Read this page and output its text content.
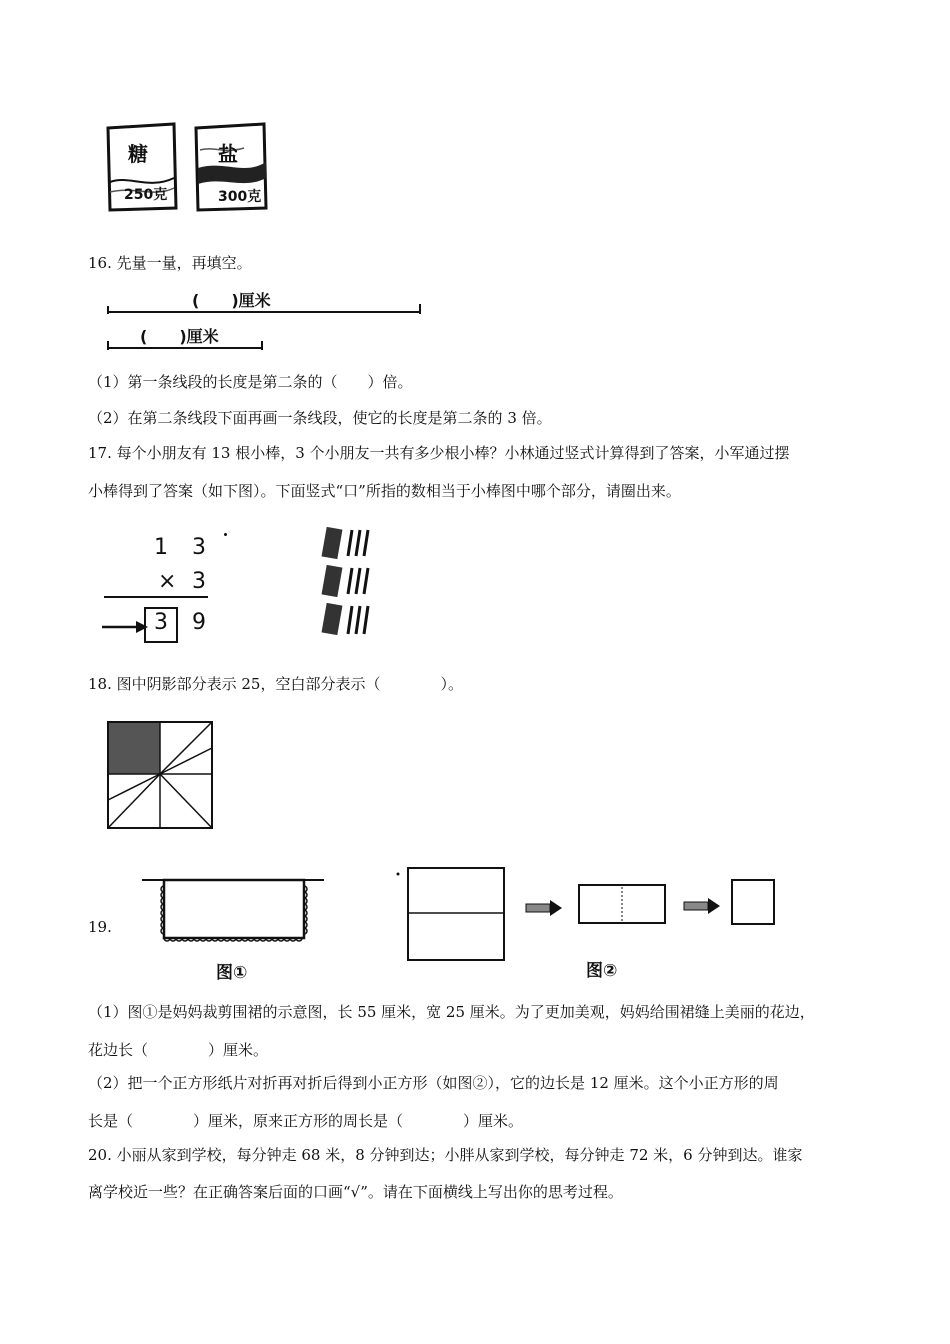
糖
250克
盐
300克
16. 先量一量，再填空。
(　　)厘米
(　　)厘米
（1）第一条线段的长度是第二条的（　　）倍。
（2）在第二条线段下面再画一条线段，使它的长度是第二条的 3 倍。
17. 每个小朋友有 13 根小棒，3 个小朋友一共有多少根小棒？小林通过竖式计算得到了答案，小军通过摆
小棒得到了答案（如下图）。下面竖式“口”所指的数相当于小棒图中哪个部分，请圈出来。
1 3
× 3
3 9
18. 图中阴影部分表示 25，空白部分表示（　　　　）。
19.
图①	图②
（1）图①是妈妈裁剪围裙的示意图，长 55 厘米，宽 25 厘米。为了更加美观，妈妈给围裙缝上美丽的花边，
花边长（　　　　）厘米。
（2）把一个正方形纸片对折再对折后得到小正方形（如图②），它的边长是 12 厘米。这个小正方形的周
长是（　　　　）厘米，原来正方形的周长是（　　　　）厘米。
20. 小丽从家到学校，每分钟走 68 米，8 分钟到达；小胖从家到学校，每分钟走 72 米，6 分钟到达。谁家
离学校近一些？在正确答案后面的口画“√”。请在下面横线上写出你的思考过程。
